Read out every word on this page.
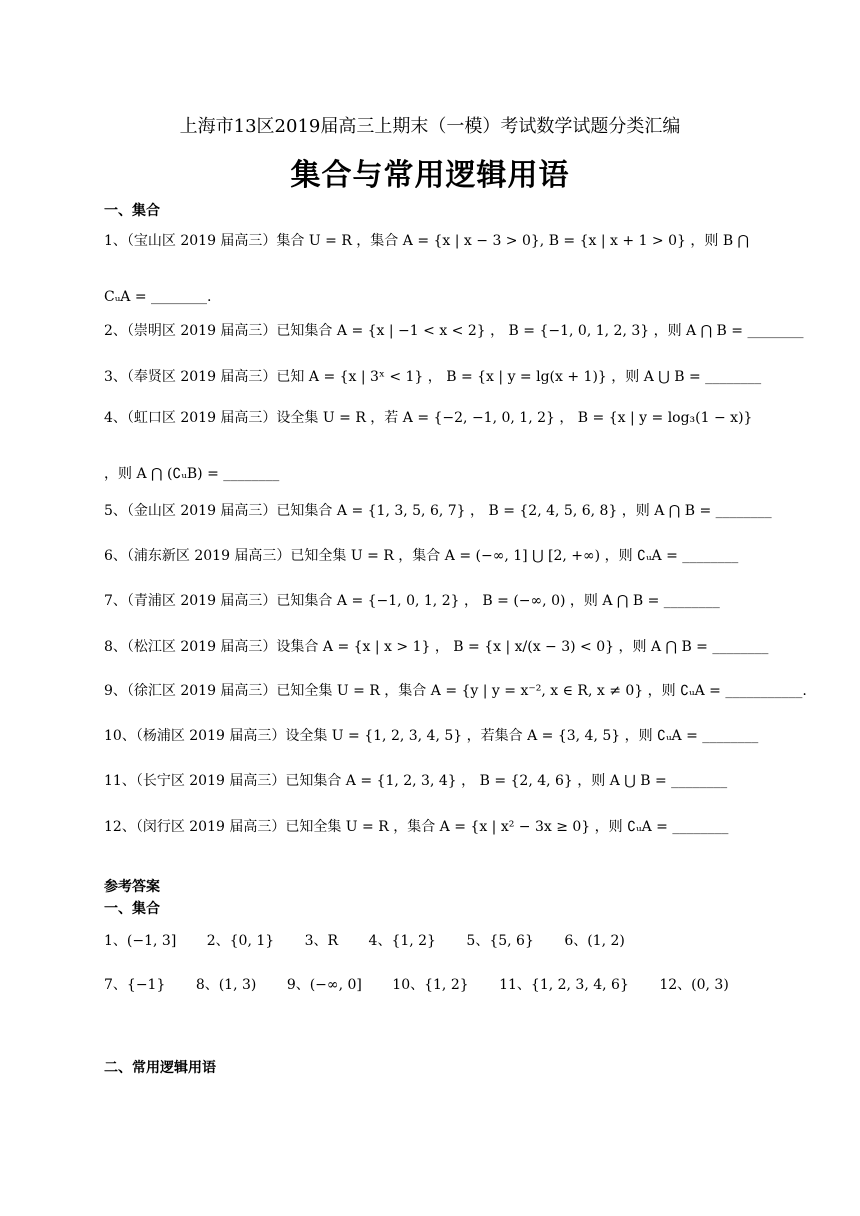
上海市13区2019届高三上期末（一模）考试数学试题分类汇编
集合与常用逻辑用语
一、集合
1、（宝山区 2019 届高三）集合 U = R ，集合 A = {x | x − 3 > 0}, B = {x | x + 1 > 0} ，则 B ⋂ CᵤA = ________.
2、（崇明区 2019 届高三）已知集合 A = {x | −1 < x < 2} ， B = {−1, 0, 1, 2, 3} ，则 A ⋂ B = ________
3、（奉贤区 2019 届高三）已知 A = {x | 3ˣ < 1} ， B = {x | y = lg(x + 1)} ，则 A ⋃ B = ________
4、（虹口区 2019 届高三）设全集 U = R ，若 A = {−2, −1, 0, 1, 2} ， B = {x | y = log₃(1 − x)} ，则 A ⋂ (∁ᵤB) = ________
5、（金山区 2019 届高三）已知集合 A = {1, 3, 5, 6, 7} ， B = {2, 4, 5, 6, 8} ，则 A ⋂ B = ________
6、（浦东新区 2019 届高三）已知全集 U = R ，集合 A = (−∞, 1] ⋃ [2, +∞) ，则 ∁ᵤA = ________
7、（青浦区 2019 届高三）已知集合 A = {−1, 0, 1, 2} ， B = (−∞, 0) ，则 A ⋂ B = ________
8、（松江区 2019 届高三）设集合 A = {x | x > 1} ， B = {x | x/(x − 3) < 0} ，则 A ⋂ B = ________
9、（徐汇区 2019 届高三）已知全集 U = R ，集合 A = {y | y = x⁻², x ∈ R, x ≠ 0} ，则 ∁ᵤA = ___________.
10、（杨浦区 2019 届高三）设全集 U = {1, 2, 3, 4, 5} ，若集合 A = {3, 4, 5} ，则 ∁ᵤA = ________
11、（长宁区 2019 届高三）已知集合 A = {1, 2, 3, 4} ， B = {2, 4, 6} ，则 A ⋃ B = ________
12、（闵行区 2019 届高三）已知全集 U = R ，集合 A = {x | x² − 3x ≥ 0} ，则 ∁ᵤA = ________
参考答案
一、集合
1、(−1, 3] 2、{0, 1} 3、R 4、{1, 2} 5、{5, 6} 6、(1, 2)
7、{−1} 8、(1, 3) 9、(−∞, 0] 10、{1, 2} 11、{1, 2, 3, 4, 6} 12、(0, 3)
二、常用逻辑用语
